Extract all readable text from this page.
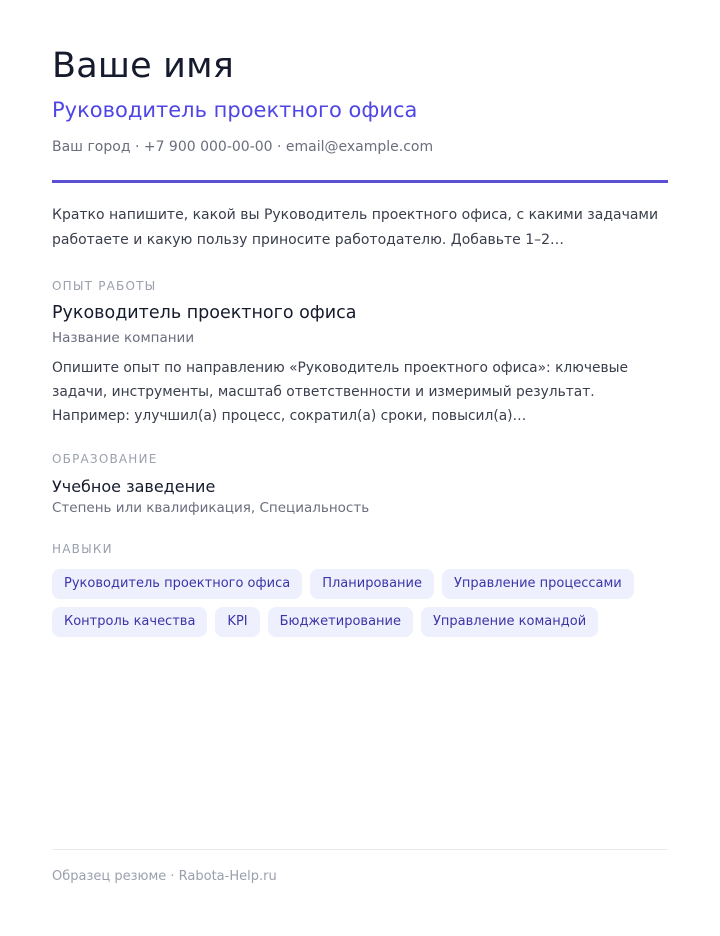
Ваше имя
Руководитель проектного офиса
Ваш город · +7 900 000-00-00 · email@example.com
Кратко напишите, какой вы Руководитель проектного офиса, с какими задачами работаете и какую пользу приносите работодателю. Добавьте 1–2…
ОПЫТ РАБОТЫ
Руководитель проектного офиса
Название компании
Опишите опыт по направлению «Руководитель проектного офиса»: ключевые задачи, инструменты, масштаб ответственности и измеримый результат. Например: улучшил(а) процесс, сократил(а) сроки, повысил(а)…
ОБРАЗОВАНИЕ
Учебное заведение
Степень или квалификация, Специальность
НАВЫКИ
Руководитель проектного офиса	Планирование	Управление процессами
Контроль качества	KPI	Бюджетирование	Управление командой
Образец резюме · Rabota-Help.ru
